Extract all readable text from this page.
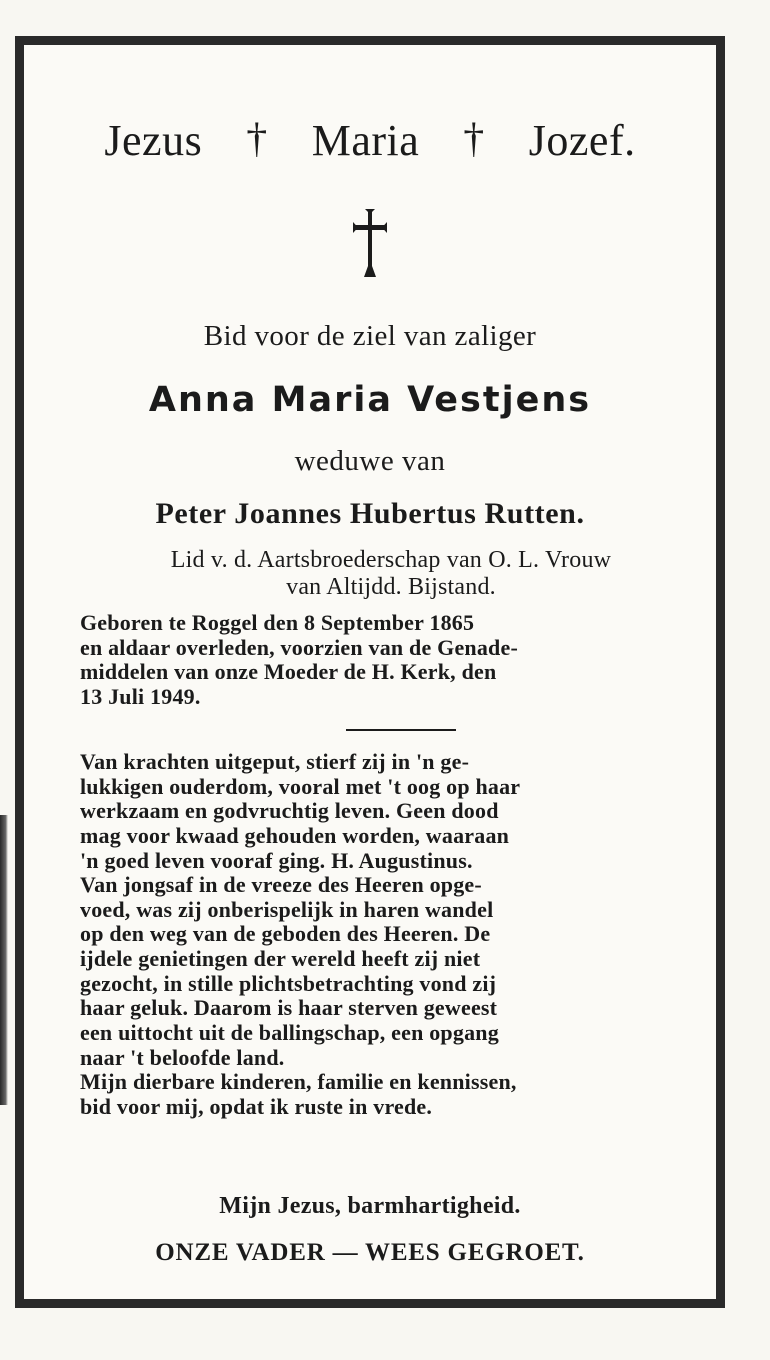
Jezus † Maria † Jozef.
Bid voor de ziel van zaliger
Anna Maria Vestjens
weduwe van
Peter Joannes Hubertus Rutten.
Lid v. d. Aartsbroederschap van O. L. Vrouw
van Altijdd. Bijstand.
Geboren te Roggel den 8 September 1865
en aldaar overleden, voorzien van de Genade-
middelen van onze Moeder de H. Kerk, den
13 Juli 1949.
Van krachten uitgeput, stierf zij in 'n ge-
lukkigen ouderdom, vooral met 't oog op haar
werkzaam en godvruchtig leven. Geen dood
mag voor kwaad gehouden worden, waaraan
'n goed leven vooraf ging. H. Augustinus.
Van jongsaf in de vreeze des Heeren opge-
voed, was zij onberispelijk in haren wandel
op den weg van de geboden des Heeren. De
ijdele genietingen der wereld heeft zij niet
gezocht, in stille plichtsbetrachting vond zij
haar geluk. Daarom is haar sterven geweest
een uittocht uit de ballingschap, een opgang
naar 't beloofde land.
Mijn dierbare kinderen, familie en kennissen,
bid voor mij, opdat ik ruste in vrede.
Mijn Jezus, barmhartigheid.
ONZE VADER — WEES GEGROET.
